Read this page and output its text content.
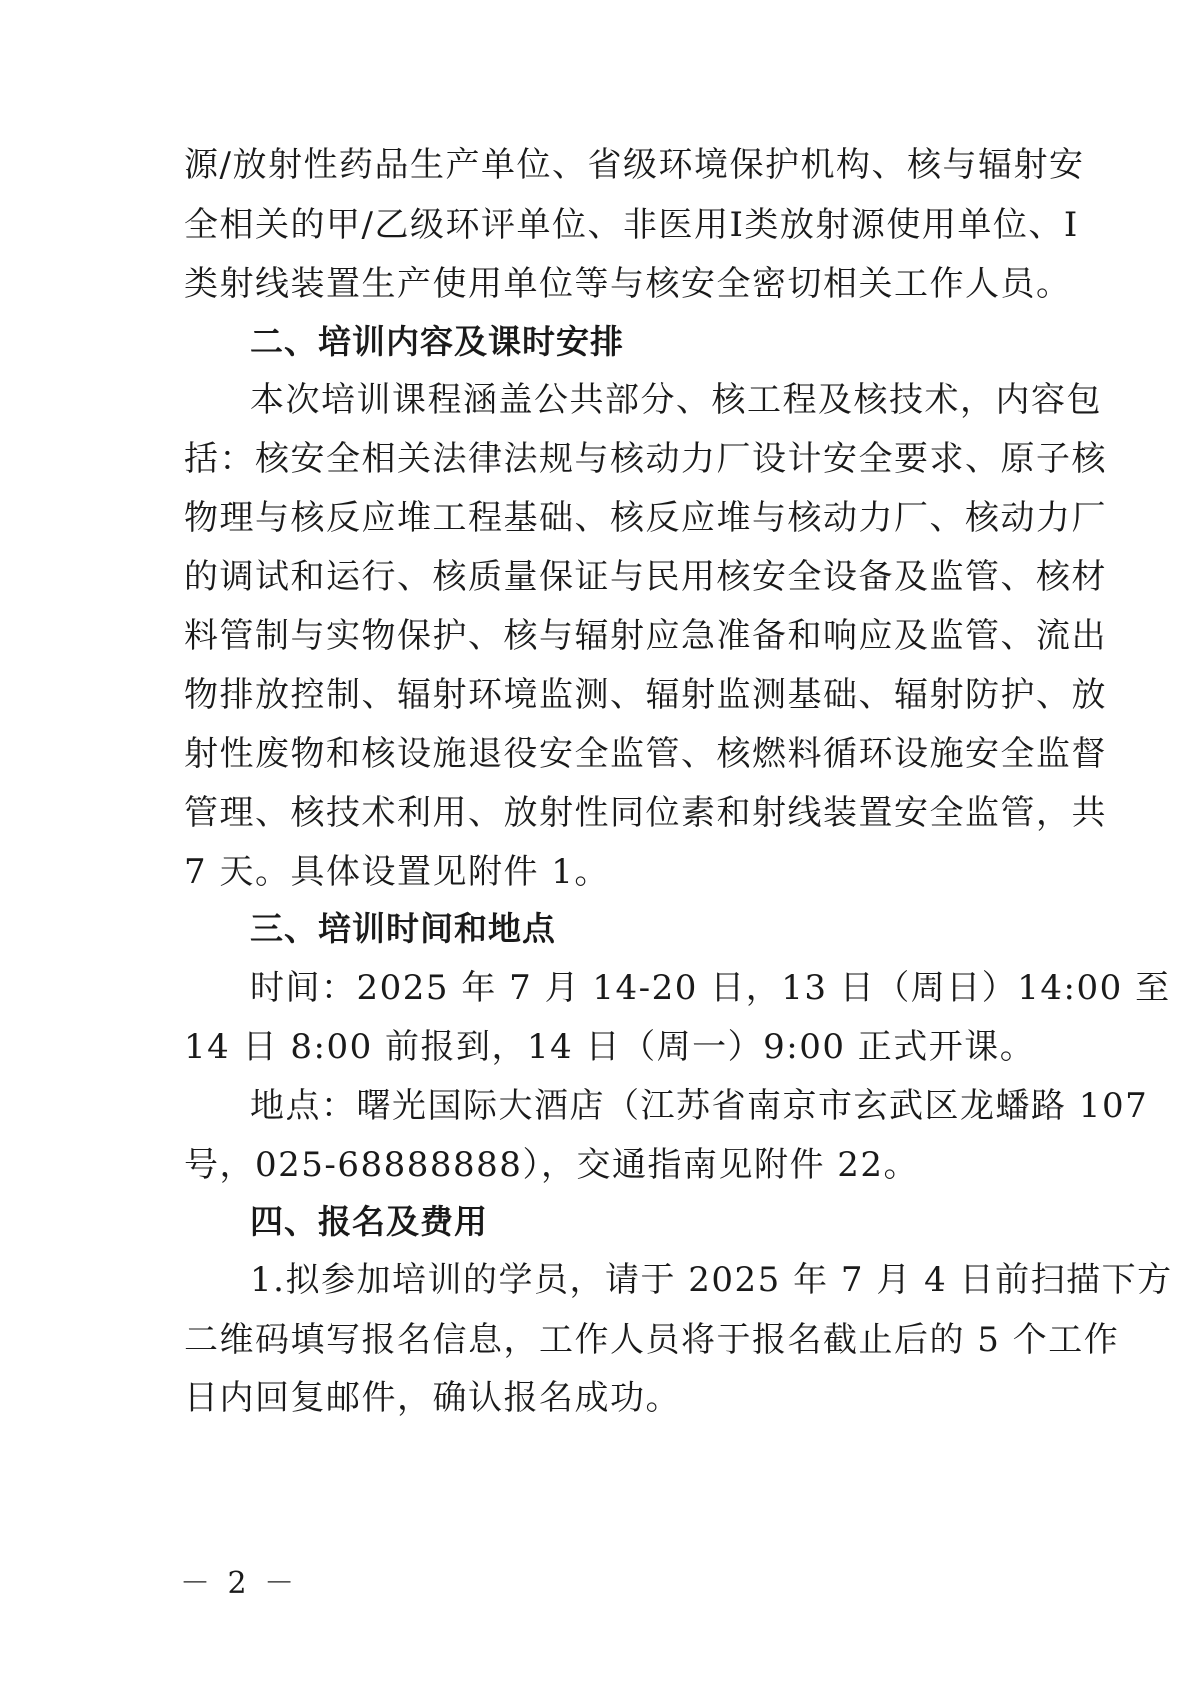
源/放射性药品生产单位、省级环境保护机构、核与辐射安
全相关的甲/乙级环评单位、非医用Ⅰ类放射源使用单位、Ⅰ
类射线装置生产使用单位等与核安全密切相关工作人员。
二、培训内容及课时安排
本次培训课程涵盖公共部分、核工程及核技术，内容包
括：核安全相关法律法规与核动力厂设计安全要求、原子核
物理与核反应堆工程基础、核反应堆与核动力厂、核动力厂
的调试和运行、核质量保证与民用核安全设备及监管、核材
料管制与实物保护、核与辐射应急准备和响应及监管、流出
物排放控制、辐射环境监测、辐射监测基础、辐射防护、放
射性废物和核设施退役安全监管、核燃料循环设施安全监督
管理、核技术利用、放射性同位素和射线装置安全监管，共
7 天。具体设置见附件 1。
三、培训时间和地点
时间：2025 年 7 月 14-20 日，13 日（周日）14:00 至
14 日 8:00 前报到，14 日（周一）9:00 正式开课。
地点：曙光国际大酒店（江苏省南京市玄武区龙蟠路 107
号，025-68888888），交通指南见附件 22。
四、报名及费用
1.拟参加培训的学员，请于 2025 年 7 月 4 日前扫描下方
二维码填写报名信息，工作人员将于报名截止后的 5 个工作
日内回复邮件，确认报名成功。
－ 2 －
